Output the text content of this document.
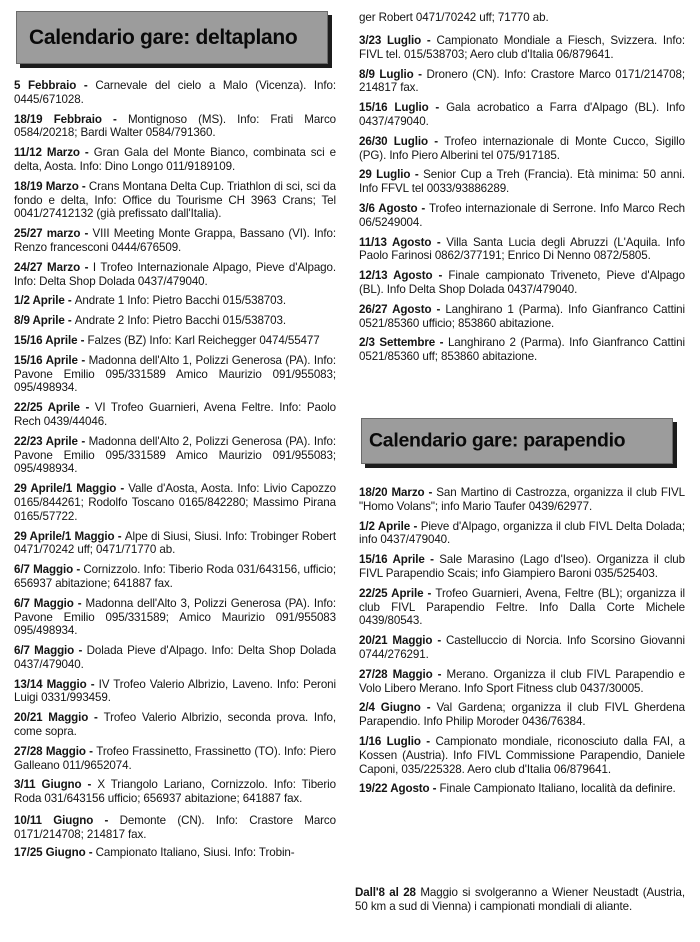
Calendario gare: deltaplano
5 Febbraio - Carnevale del cielo a Malo (Vicenza). Info: 0445/671028.
18/19 Febbraio - Montignoso (MS). Info: Frati Marco 0584/20218; Bardi Walter 0584/791360.
11/12 Marzo - Gran Gala del Monte Bianco, combinata sci e delta, Aosta. Info: Dino Longo 011/9189109.
18/19 Marzo - Crans Montana Delta Cup. Triathlon di sci, sci da fondo e delta, Info: Office du Tourisme CH 3963 Crans; Tel 0041/27412132 (già prefissato dall'Italia).
25/27 marzo - VIII Meeting Monte Grappa, Bassano (VI). Info: Renzo francesconi 0444/676509.
24/27 Marzo - I Trofeo Internazionale Alpago, Pieve d'Alpago. Info: Delta Shop Dolada 0437/479040.
1/2 Aprile - Andrate 1 Info: Pietro Bacchi 015/538703.
8/9 Aprile - Andrate 2 Info: Pietro Bacchi 015/538703.
15/16 Aprile - Falzes (BZ) Info: Karl Reichegger 0474/55477
15/16 Aprile - Madonna dell'Alto 1, Polizzi Generosa (PA). Info: Pavone Emilio 095/331589 Amico Maurizio 091/955083; 095/498934.
22/25 Aprile - VI Trofeo Guarnieri, Avena Feltre. Info: Paolo Rech 0439/44046.
22/23 Aprile - Madonna dell'Alto 2, Polizzi Generosa (PA). Info: Pavone Emilio 095/331589 Amico Maurizio 091/955083; 095/498934.
29 Aprile/1 Maggio - Valle d'Aosta, Aosta. Info: Livio Capozzo 0165/844261; Rodolfo Toscano 0165/842280; Massimo Pirana 0165/57722.
29 Aprile/1 Maggio - Alpe di Siusi, Siusi. Info: Trobinger Robert 0471/70242 uff; 0471/71770 ab.
6/7 Maggio - Cornizzolo. Info: Tiberio Roda 031/643156, ufficio; 656937 abitazione; 641887 fax.
6/7 Maggio - Madonna dell'Alto 3, Polizzi Generosa (PA). Info: Pavone Emilio 095/331589; Amico Maurizio 091/955083 095/498934.
6/7 Maggio - Dolada Pieve d'Alpago. Info: Delta Shop Dolada 0437/479040.
13/14 Maggio - IV Trofeo Valerio Albrizio, Laveno. Info: Peroni Luigi 0331/993459.
20/21 Maggio - Trofeo Valerio Albrizio, seconda prova. Info, come sopra.
27/28 Maggio - Trofeo Frassinetto, Frassinetto (TO). Info: Piero Galleano 011/9652074.
3/11 Giugno - X Triangolo Lariano, Cornizzolo. Info: Tiberio Roda 031/643156 ufficio; 656937 abitazione; 641887 fax.
10/11 Giugno - Demonte (CN). Info: Crastore Marco 0171/214708; 214817 fax.
17/25 Giugno - Campionato Italiano, Siusi. Info: Trobin-
ger Robert 0471/70242 uff; 71770 ab.
3/23 Luglio - Campionato Mondiale a Fiesch, Svizzera. Info: FIVL tel. 015/538703; Aero club d'Italia 06/879641.
8/9 Luglio - Dronero (CN). Info: Crastore Marco 0171/214708; 214817 fax.
15/16 Luglio - Gala acrobatico a Farra d'Alpago (BL). Info 0437/479040.
26/30 Luglio - Trofeo internazionale di Monte Cucco, Sigillo (PG). Info Piero Alberini tel 075/917185.
29 Luglio - Senior Cup a Treh (Francia). Età minima: 50 anni. Info FFVL tel 0033/93886289.
3/6 Agosto - Trofeo internazionale di Serrone. Info Marco Rech 06/5249004.
11/13 Agosto - Villa Santa Lucia degli Abruzzi (L'Aquila. Info Paolo Farinosi 0862/377191; Enrico Di Nenno 0872/5805.
12/13 Agosto - Finale campionato Triveneto, Pieve d'Alpago (BL). Info Delta Shop Dolada 0437/479040.
26/27 Agosto - Langhirano 1 (Parma). Info Gianfranco Cattini 0521/85360 ufficio; 853860 abitazione.
2/3 Settembre - Langhirano 2 (Parma). Info Gianfranco Cattini 0521/85360 uff; 853860 abitazione.
Calendario gare: parapendio
18/20 Marzo - San Martino di Castrozza, organizza il club FIVL "Homo Volans"; info Mario Taufer 0439/62977.
1/2 Aprile - Pieve d'Alpago, organizza il club FIVL Delta Dolada; info 0437/479040.
15/16 Aprile - Sale Marasino (Lago d'Iseo). Organizza il club FIVL Parapendio Scais; info Giampiero Baroni 035/525403.
22/25 Aprile - Trofeo Guarnieri, Avena, Feltre (BL); organizza il club FIVL Parapendio Feltre. Info Dalla Corte Michele 0439/80543.
20/21 Maggio - Castelluccio di Norcia. Info Scorsino Giovanni 0744/276291.
27/28 Maggio - Merano. Organizza il club FIVL Parapendio e Volo Libero Merano. Info Sport Fitness club 0437/30005.
2/4 Giugno - Val Gardena; organizza il club FIVL Gherdena Parapendio. Info Philip Moroder 0436/76384.
1/16 Luglio - Campionato mondiale, riconosciuto dalla FAI, a Kossen (Austria). Info FIVL Commissione Parapendio, Daniele Caponi, 035/225328. Aero club d'Italia 06/879641.
19/22 Agosto - Finale Campionato Italiano, località da definire.
Dall'8 al 28 Maggio si svolgeranno a Wiener Neustadt (Austria, 50 km a sud di Vienna) i campionati mondiali di aliante.
